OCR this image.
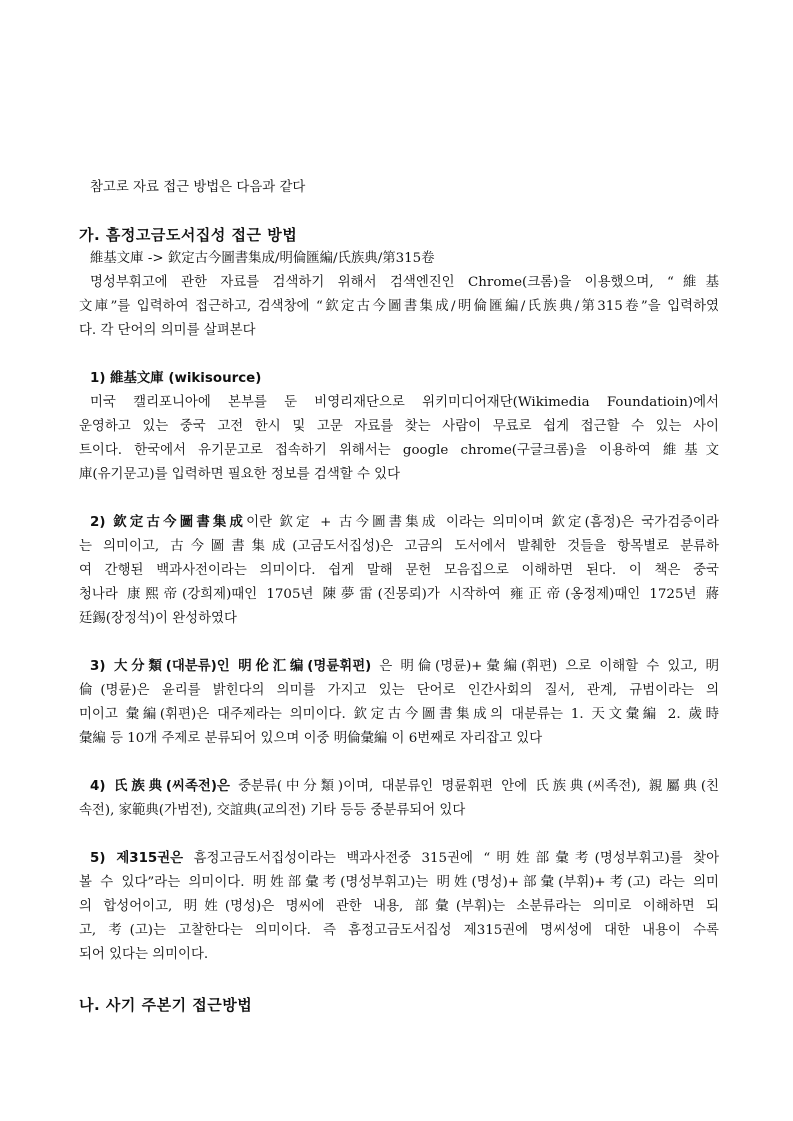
참고로 자료 접근 방법은 다음과 같다
가. 흠정고금도서집성 접근 방법
維基文庫 -> 欽定古今圖書集成/明倫匯編/氏族典/第315卷
명성부휘고에 관한 자료를 검색하기 위해서 검색엔진인 Chrome(크롬)을 이용했으며, “維基
文庫”를 입력하여 접근하고, 검색창에 “欽定古今圖書集成/明倫匯編/氏族典/第315卷”을 입력하였
다. 각 단어의 의미를 살펴본다
1) 維基文庫 (wikisource)
미국 캘리포니아에 본부를 둔 비영리재단으로 위키미디어재단(Wikimedia Foundatioin)에서
운영하고 있는 중국 고전 한시 및 고문 자료를 찾는 사람이 무료로 쉽게 접근할 수 있는 사이
트이다. 한국에서 유기문고로 접속하기 위해서는 google chrome(구글크롬)을 이용하여 維基文
庫(유기문고)를 입력하면 필요한 정보를 검색할 수 있다
2) 欽定古今圖書集成이란 欽定 + 古今圖書集成 이라는 의미이며 欽定(흠정)은 국가검증이라
는 의미이고, 古今圖書集成(고금도서집성)은 고금의 도서에서 발췌한 것들을 항목별로 분류하
여 간행된 백과사전이라는 의미이다. 쉽게 말해 문헌 모음집으로 이해하면 된다. 이 책은 중국
청나라 康熙帝(강희제)때인 1705년 陳夢雷(진몽뢰)가 시작하여 雍正帝(옹정제)때인 1725년 蔣
廷錫(장정석)이 완성하였다
3) 大分類(대분류)인 明伦汇编(명륜휘편) 은 明倫(명륜)+彙編(휘편) 으로 이해할 수 있고, 明
倫(명륜)은 윤리를 밝힌다의 의미를 가지고 있는 단어로 인간사회의 질서, 관계, 규범이라는 의
미이고 彙編(휘편)은 대주제라는 의미이다. 欽定古今圖書集成의 대분류는 1. 天文彙編 2. 歲時
彙編 등 10개 주제로 분류되어 있으며 이중 明倫彙編 이 6번째로 자리잡고 있다
4) 氏族典(씨족전)은 중분류(中分類)이며, 대분류인 명륜휘편 안에 氏族典(씨족전), 親屬典(친
속전), 家範典(가범전), 交誼典(교의전) 기타 등등 중분류되어 있다
5) 제315권은 흠정고금도서집성이라는 백과사전중 315권에 “明姓部彙考(명성부휘고)를 찾아
볼 수 있다”라는 의미이다. 明姓部彙考(명성부휘고)는 明姓(명성)+部彙(부휘)+考(고) 라는 의미
의 합성어이고, 明姓(명성)은 명씨에 관한 내용, 部彙(부휘)는 소분류라는 의미로 이해하면 되
고, 考(고)는 고찰한다는 의미이다. 즉 흠정고금도서집성 제315권에 명씨성에 대한 내용이 수록
되어 있다는 의미이다.
나. 사기 주본기 접근방법
